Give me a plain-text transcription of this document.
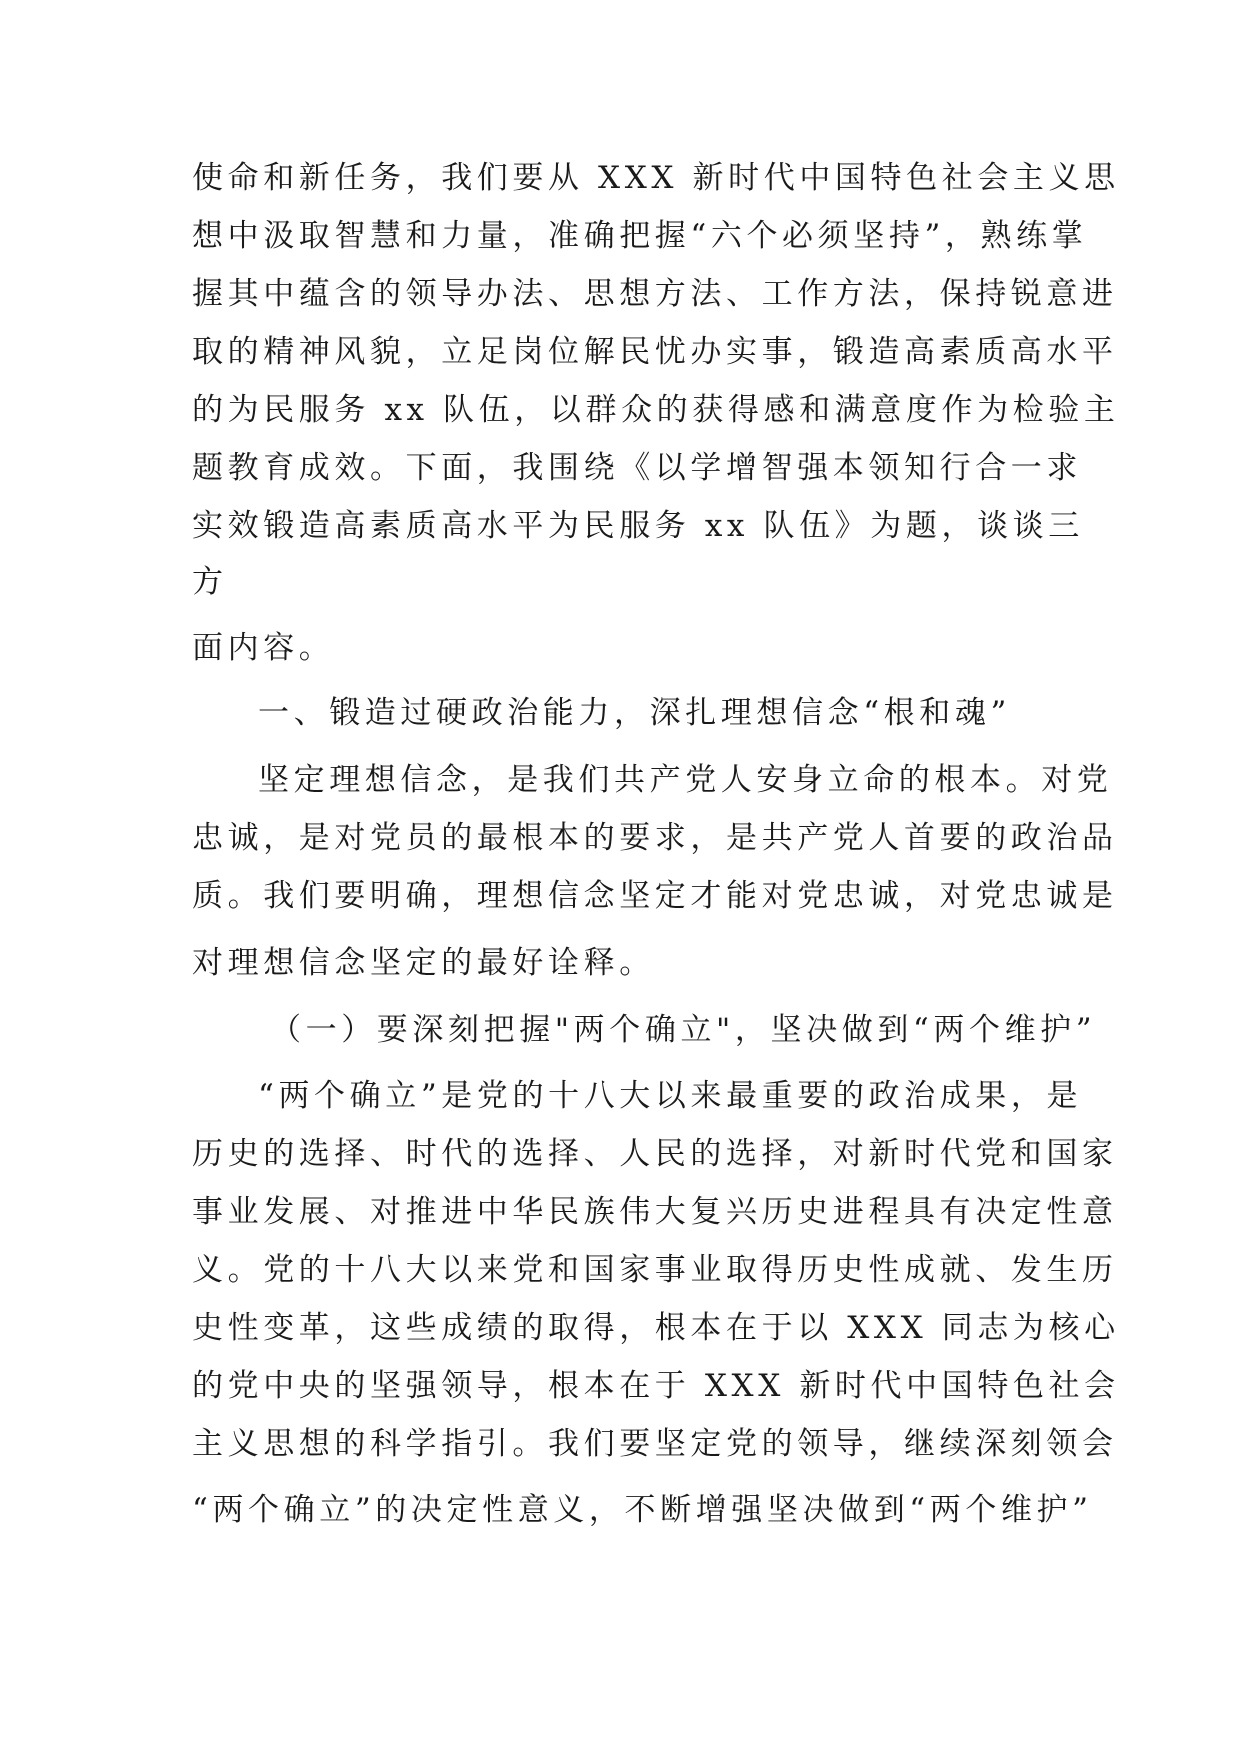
使命和新任务，我们要从 XXX 新时代中国特色社会主义思
想中汲取智慧和力量，准确把握“六个必须坚持”，熟练掌
握其中蕴含的领导办法、思想方法、工作方法，保持锐意进
取的精神风貌，立足岗位解民忧办实事，锻造高素质高水平
的为民服务 xx 队伍，以群众的获得感和满意度作为检验主
题教育成效。下面，我围绕《以学增智强本领知行合一求
实效锻造高素质高水平为民服务 xx 队伍》为题，谈谈三
方
面内容。
一、锻造过硬政治能力，深扎理想信念“根和魂”
坚定理想信念，是我们共产党人安身立命的根本。对党
忠诚，是对党员的最根本的要求，是共产党人首要的政治品
质。我们要明确，理想信念坚定才能对党忠诚，对党忠诚是
对理想信念坚定的最好诠释。
（一）要深刻把握"两个确立"，坚决做到“两个维护”
“两个确立”是党的十八大以来最重要的政治成果，是
历史的选择、时代的选择、人民的选择，对新时代党和国家
事业发展、对推进中华民族伟大复兴历史进程具有决定性意
义。党的十八大以来党和国家事业取得历史性成就、发生历
史性变革，这些成绩的取得，根本在于以 XXX 同志为核心
的党中央的坚强领导，根本在于 XXX 新时代中国特色社会
主义思想的科学指引。我们要坚定党的领导，继续深刻领会
“两个确立”的决定性意义，不断增强坚决做到“两个维护”
